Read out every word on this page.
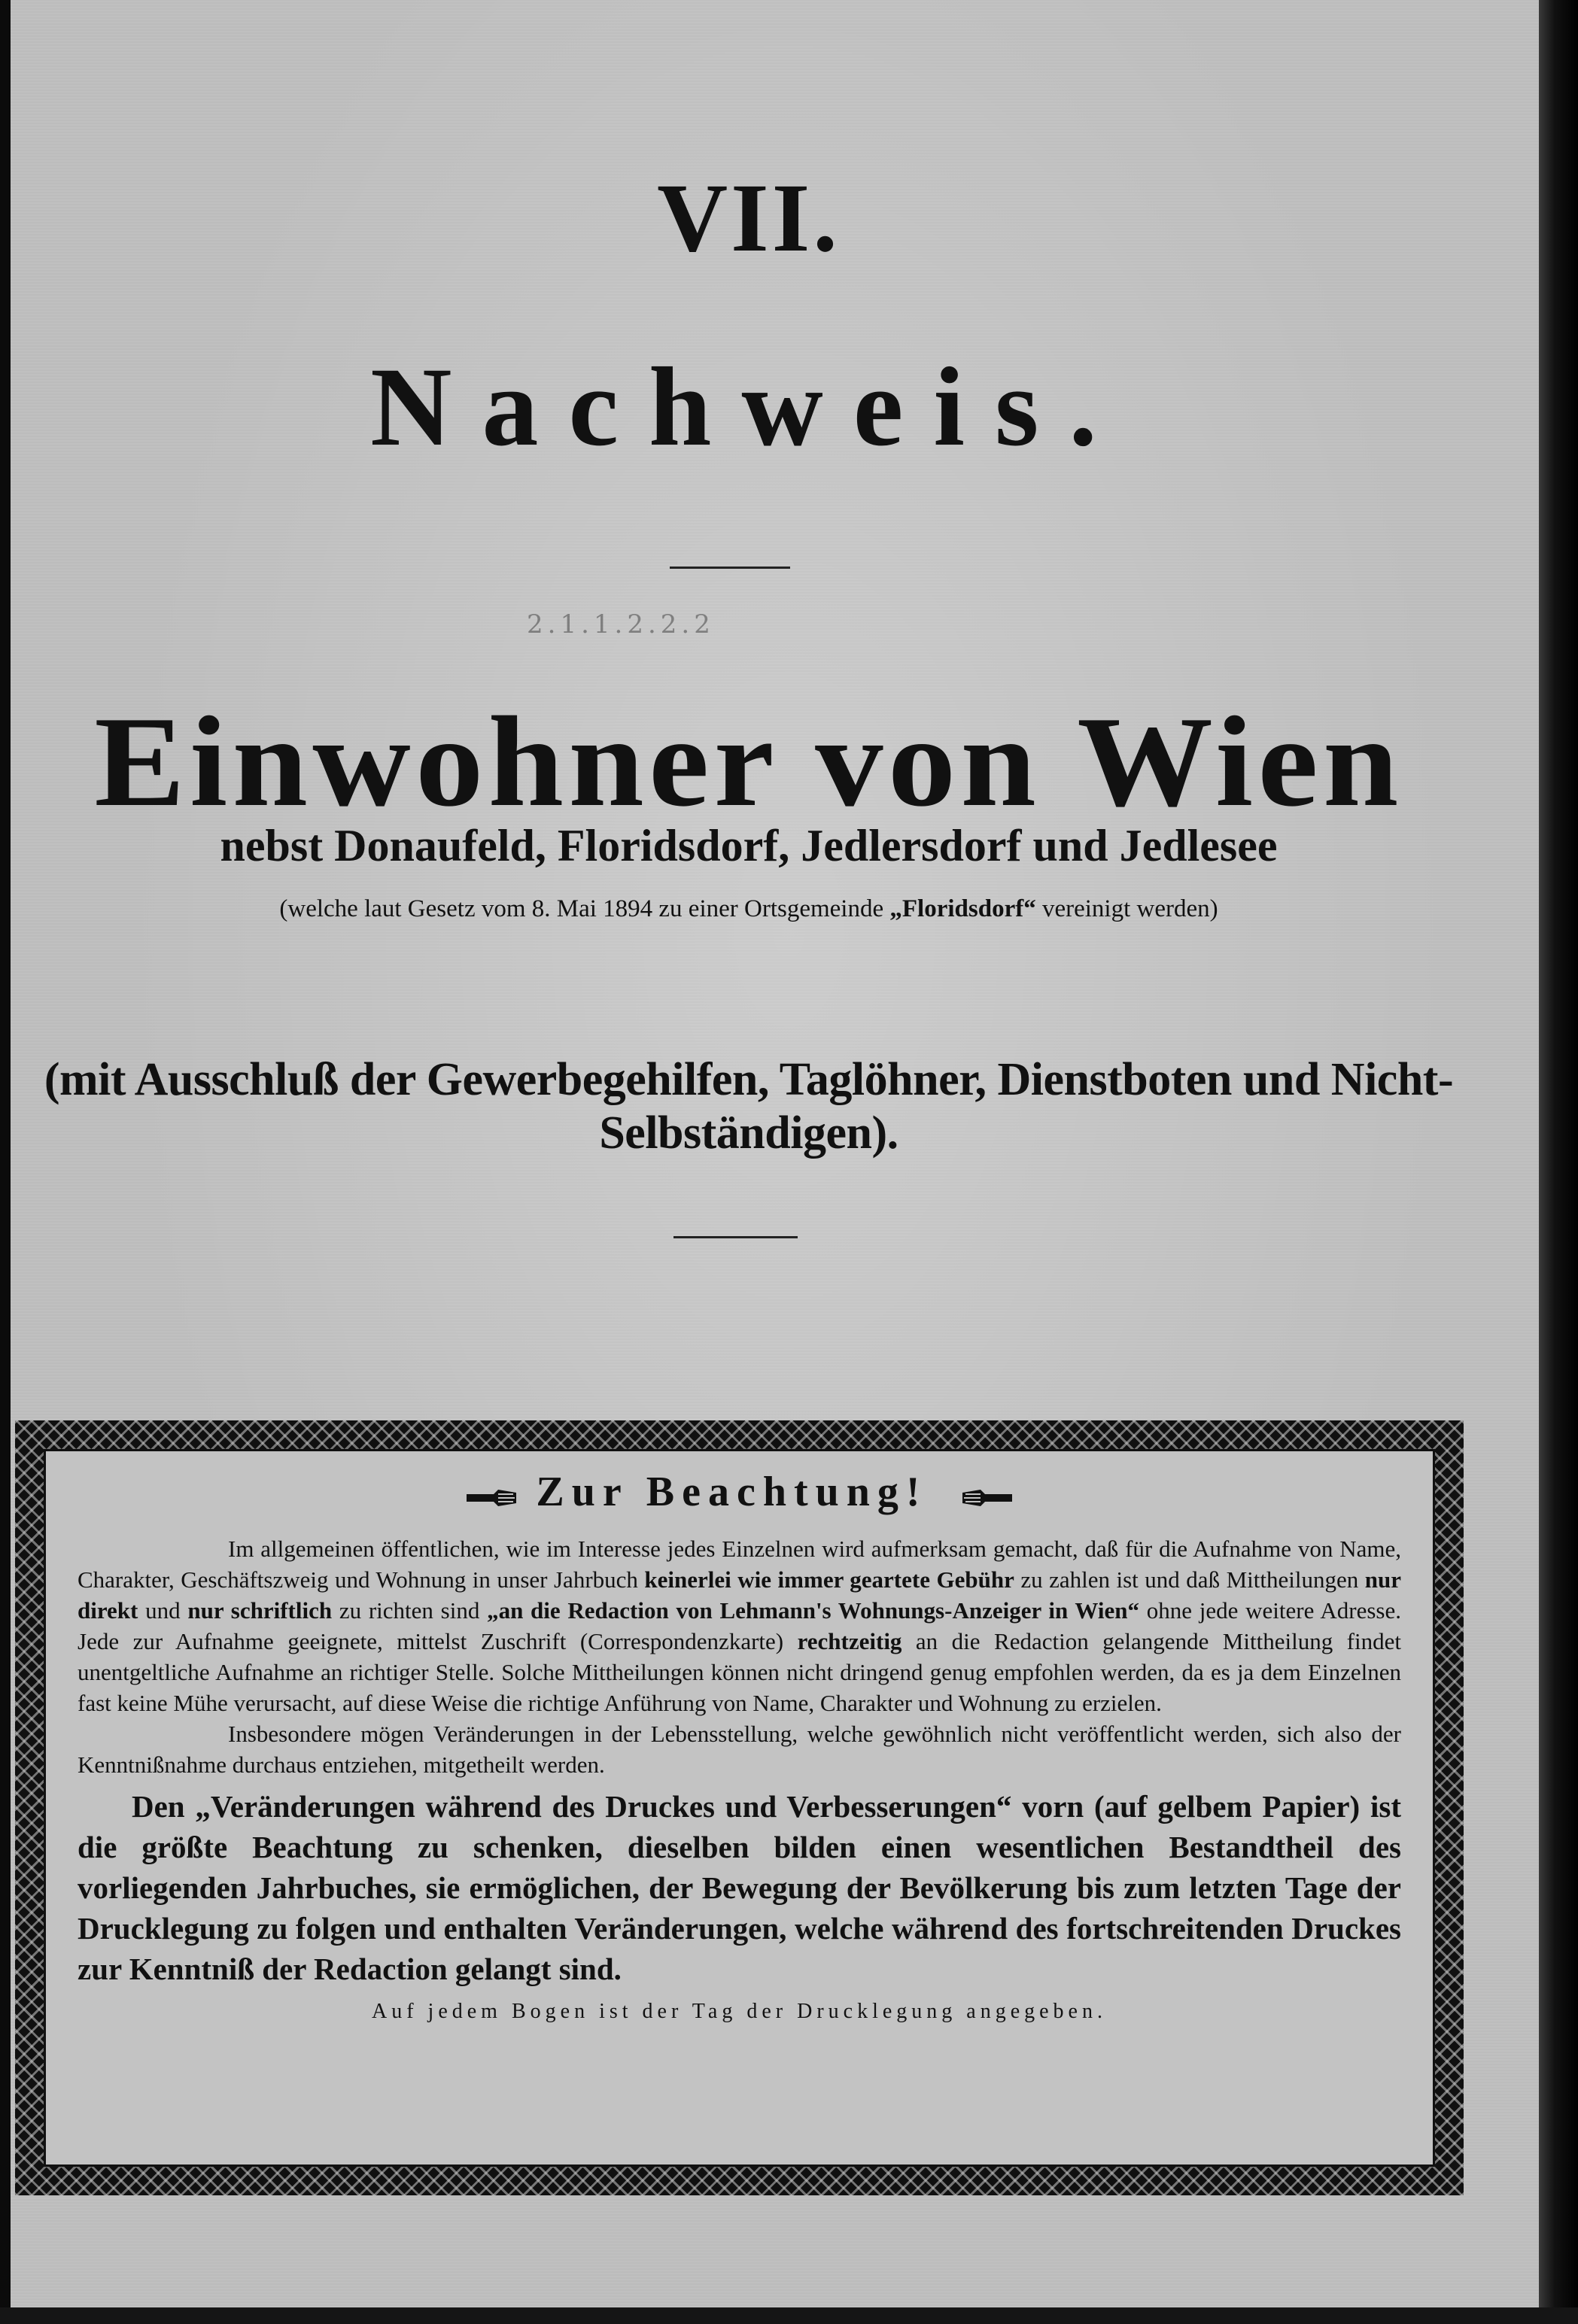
VII.
Nachweis.
2.1.1.2.2.2
Einwohner von Wien
nebst Donaufeld, Floridsdorf, Jedlersdorf und Jedlesee
(welche laut Gesetz vom 8. Mai 1894 zu einer Ortsgemeinde „Floridsdorf“ vereinigt werden)
(mit Ausschluß der Gewerbegehilfen, Taglöhner, Dienstboten und Nicht-Selbständigen).
Zur Beachtung!

Im allgemeinen öffentlichen, wie im Interesse jedes Einzelnen wird aufmerksam gemacht, daß für die Aufnahme von Name, Charakter, Geschäftszweig und Wohnung in unser Jahrbuch keinerlei wie immer geartete Gebühr zu zahlen ist und daß Mittheilungen nur direkt und nur schriftlich zu richten sind „an die Redaction von Lehmann's Wohnungs-Anzeiger in Wien“ ohne jede weitere Adresse. Jede zur Aufnahme geeignete, mittelst Zuschrift (Correspondenzkarte) rechtzeitig an die Redaction gelangende Mittheilung findet unentgeltliche Aufnahme an richtiger Stelle. Solche Mittheilungen können nicht dringend genug empfohlen werden, da es ja dem Einzelnen fast keine Mühe verursacht, auf diese Weise die richtige Anführung von Name, Charakter und Wohnung zu erzielen.

Insbesondere mögen Veränderungen in der Lebensstellung, welche gewöhnlich nicht veröffentlicht werden, sich also der Kenntnißnahme durchaus entziehen, mitgetheilt werden.

Den „Veränderungen während des Druckes und Verbesserungen“ vorn (auf gelbem Papier) ist die größte Beachtung zu schenken, dieselben bilden einen wesentlichen Bestandtheil des vorliegenden Jahrbuches, sie ermöglichen, der Bewegung der Bevölkerung bis zum letzten Tage der Drucklegung zu folgen und enthalten Veränderungen, welche während des fortschreitenden Druckes zur Kenntniß der Redaction gelangt sind.

Auf jedem Bogen ist der Tag der Drucklegung angegeben.
